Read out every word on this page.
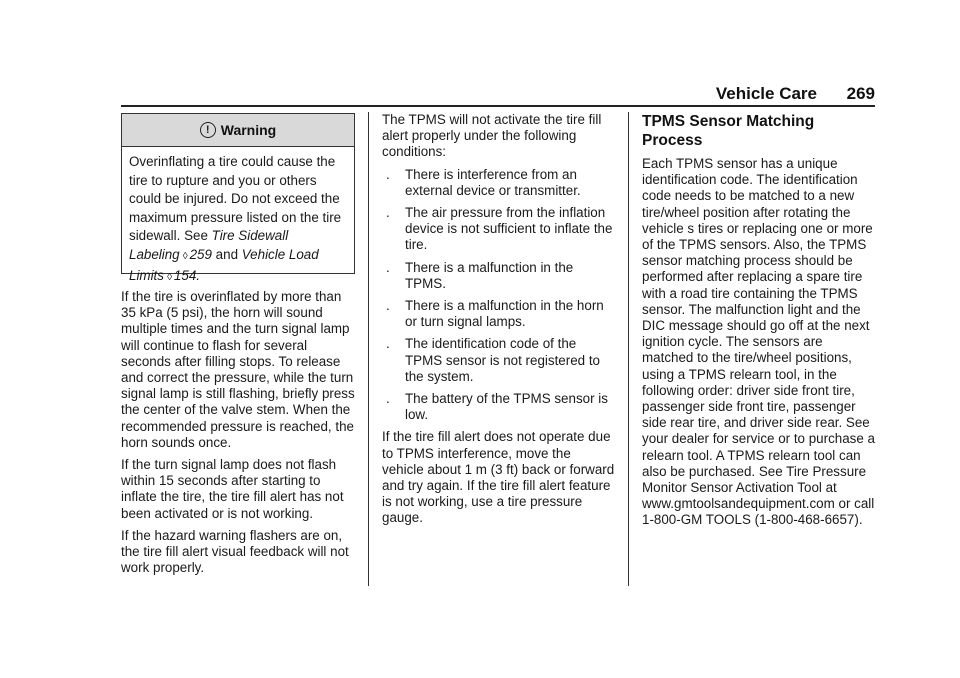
Vehicle Care 269
! Warning
Overinflating a tire could cause the tire to rupture and you or others could be injured. Do not exceed the maximum pressure listed on the tire sidewall. See Tire Sidewall Labeling ◊ 259 and Vehicle Load Limits ◊ 154.

If the tire is overinflated by more than 35 kPa (5 psi), the horn will sound multiple times and the turn signal lamp will continue to flash for several seconds after filling stops. To release and correct the pressure, while the turn signal lamp is still flashing, briefly press the center of the valve stem. When the recommended pressure is reached, the horn sounds once.

If the turn signal lamp does not flash within 15 seconds after starting to inflate the tire, the tire fill alert has not been activated or is not working.

If the hazard warning flashers are on, the tire fill alert visual feedback will not work properly.

The TPMS will not activate the tire fill alert properly under the following conditions:

. There is interference from an external device or transmitter.
. The air pressure from the inflation device is not sufficient to inflate the tire.
. There is a malfunction in the TPMS.
. There is a malfunction in the horn or turn signal lamps.
. The identification code of the TPMS sensor is not registered to the system.
. The battery of the TPMS sensor is low.

If the tire fill alert does not operate due to TPMS interference, move the vehicle about 1 m (3 ft) back or forward and try again. If the tire fill alert feature is not working, use a tire pressure gauge.

TPMS Sensor Matching Process

Each TPMS sensor has a unique identification code. The identification code needs to be matched to a new tire/wheel position after rotating the vehicle s tires or replacing one or more of the TPMS sensors. Also, the TPMS sensor matching process should be performed after replacing a spare tire with a road tire containing the TPMS sensor. The malfunction light and the DIC message should go off at the next ignition cycle. The sensors are matched to the tire/wheel positions, using a TPMS relearn tool, in the following order: driver side front tire, passenger side front tire, passenger side rear tire, and driver side rear. See your dealer for service or to purchase a relearn tool. A TPMS relearn tool can also be purchased. See Tire Pressure Monitor Sensor Activation Tool at www.gmtoolsandequipment.com or call 1-800-GM TOOLS (1-800-468-6657).
